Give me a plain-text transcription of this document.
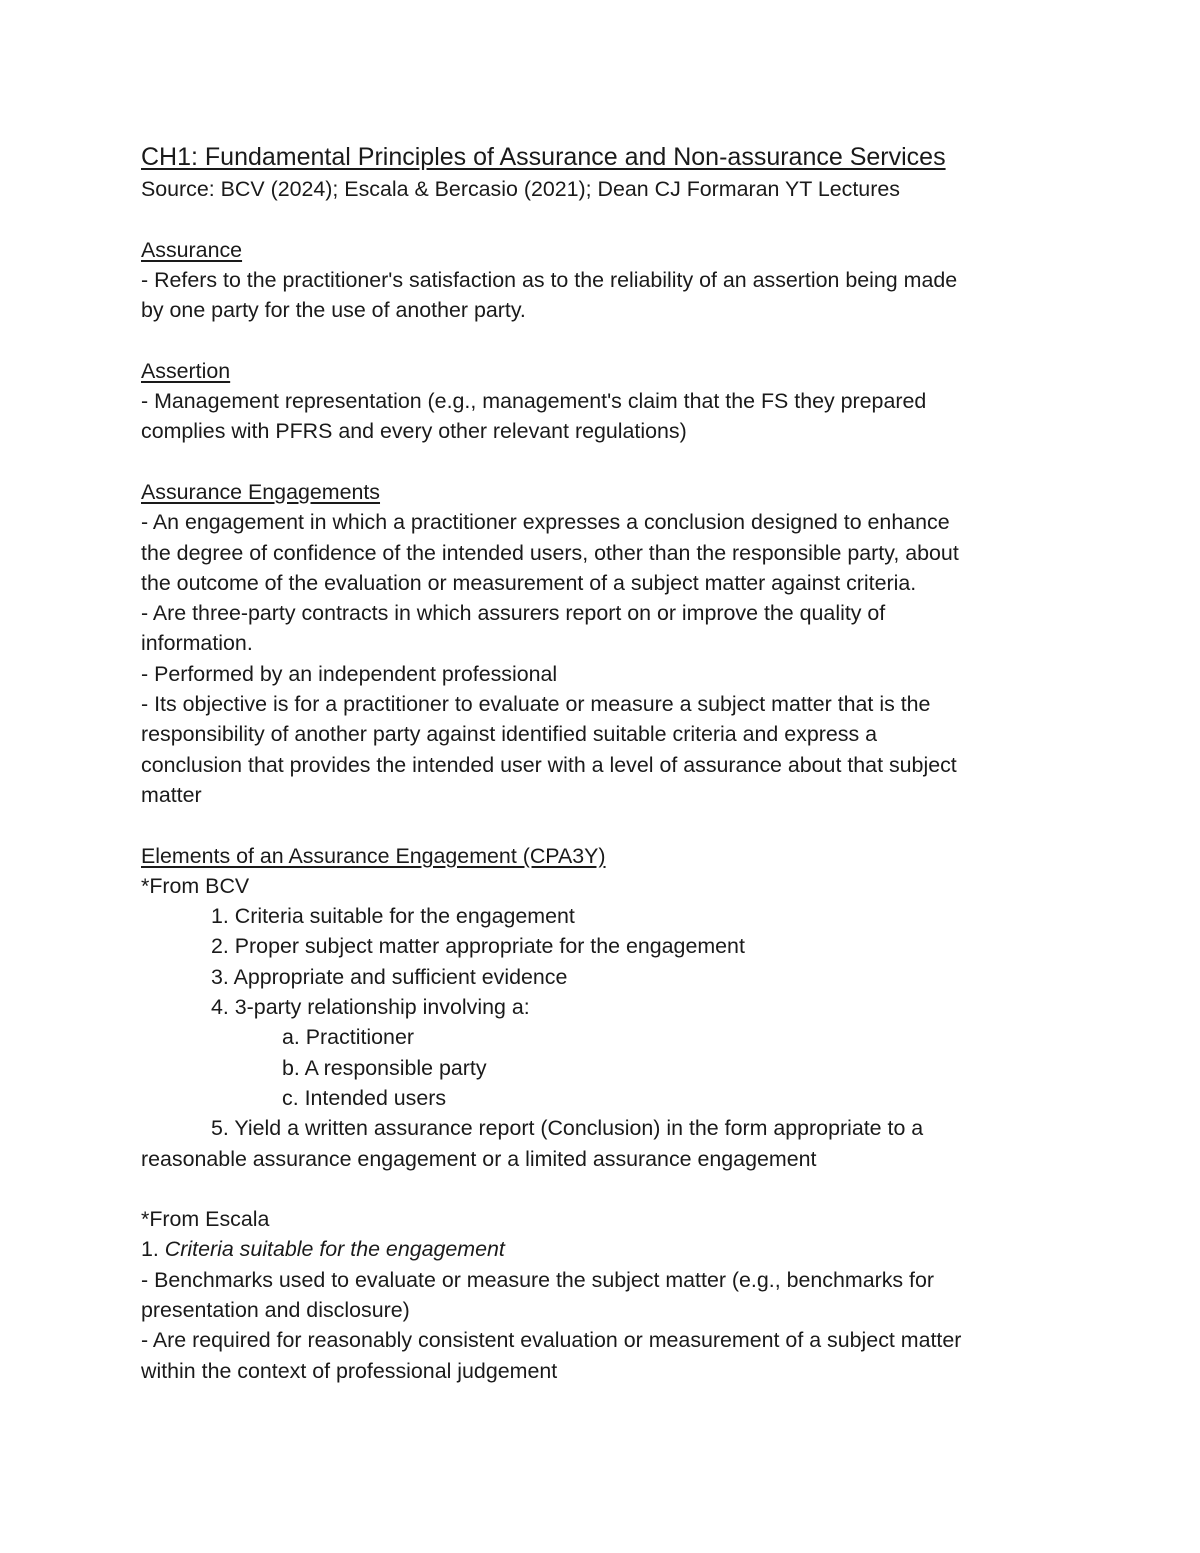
CH1: Fundamental Principles of Assurance and Non-assurance Services

Source: BCV (2024); Escala & Bercasio (2021); Dean CJ Formaran YT Lectures

Assurance

- Refers to the practitioner's satisfaction as to the reliability of an assertion being made

by one party for the use of another party.

Assertion

- Management representation (e.g., management's claim that the FS they prepared

complies with PFRS and every other relevant regulations)

Assurance Engagements

- An engagement in which a practitioner expresses a conclusion designed to enhance

the degree of confidence of the intended users, other than the responsible party, about

the outcome of the evaluation or measurement of a subject matter against criteria.

- Are three-party contracts in which assurers report on or improve the quality of

information.

- Performed by an independent professional

- Its objective is for a practitioner to evaluate or measure a subject matter that is the

responsibility of another party against identified suitable criteria and express a

conclusion that provides the intended user with a level of assurance about that subject

matter

Elements of an Assurance Engagement (CPA3Y)

*From BCV

1. Criteria suitable for the engagement

2. Proper subject matter appropriate for the engagement

3. Appropriate and sufficient evidence

4. 3-party relationship involving a:

a. Practitioner

b. A responsible party

c. Intended users

5. Yield a written assurance report (Conclusion) in the form appropriate to a

reasonable assurance engagement or a limited assurance engagement

*From Escala

1. Criteria suitable for the engagement

- Benchmarks used to evaluate or measure the subject matter (e.g., benchmarks for

presentation and disclosure)

- Are required for reasonably consistent evaluation or measurement of a subject matter

within the context of professional judgement
